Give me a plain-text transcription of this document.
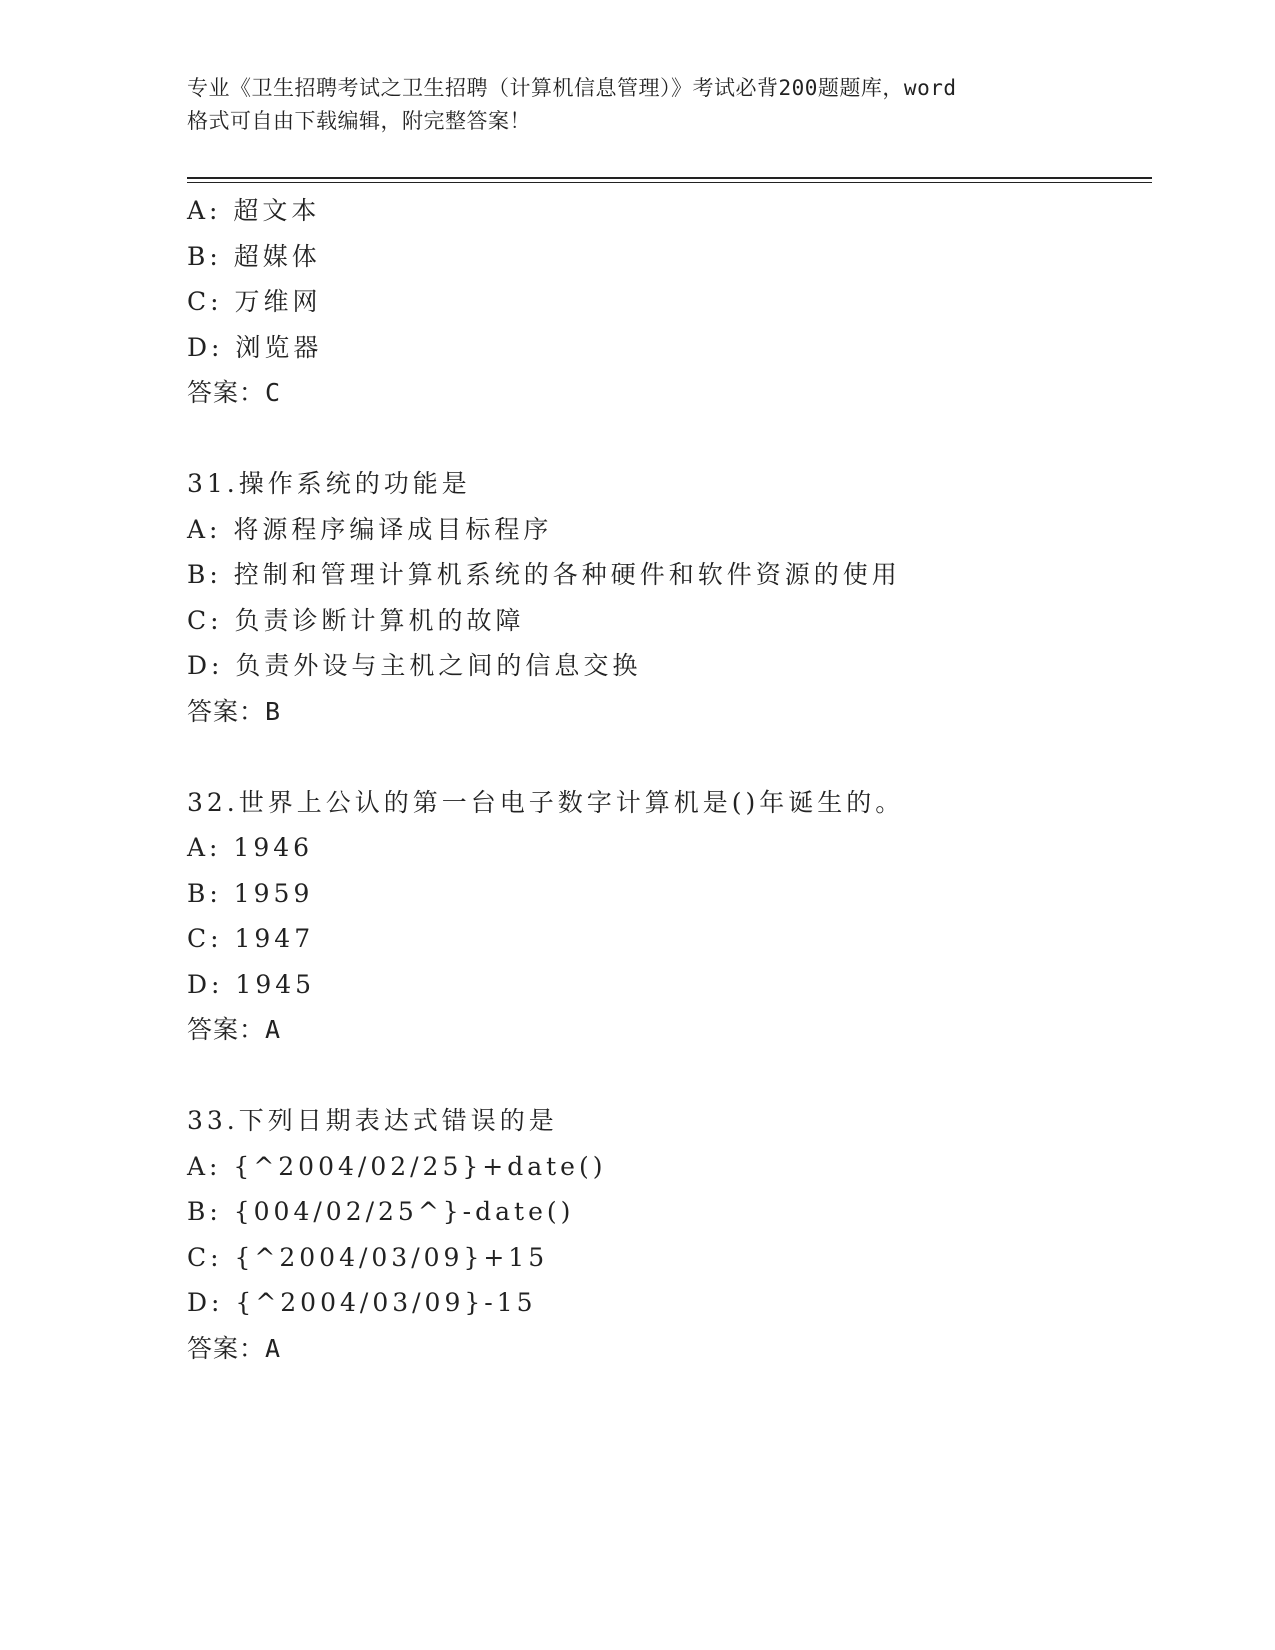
专业《卫生招聘考试之卫生招聘（计算机信息管理）》考试必背200题题库，word
格式可自由下载编辑，附完整答案！
A: 超文本
B: 超媒体
C: 万维网
D: 浏览器
答案：C
31.操作系统的功能是
A: 将源程序编译成目标程序
B: 控制和管理计算机系统的各种硬件和软件资源的使用
C: 负责诊断计算机的故障
D: 负责外设与主机之间的信息交换
答案：B
32.世界上公认的第一台电子数字计算机是()年诞生的。
A: 1946
B: 1959
C: 1947
D: 1945
答案：A
33.下列日期表达式错误的是
A: {^2004/02/25}+date()
B: {004/02/25^}-date()
C: {^2004/03/09}+15
D: {^2004/03/09}-15
答案：A
